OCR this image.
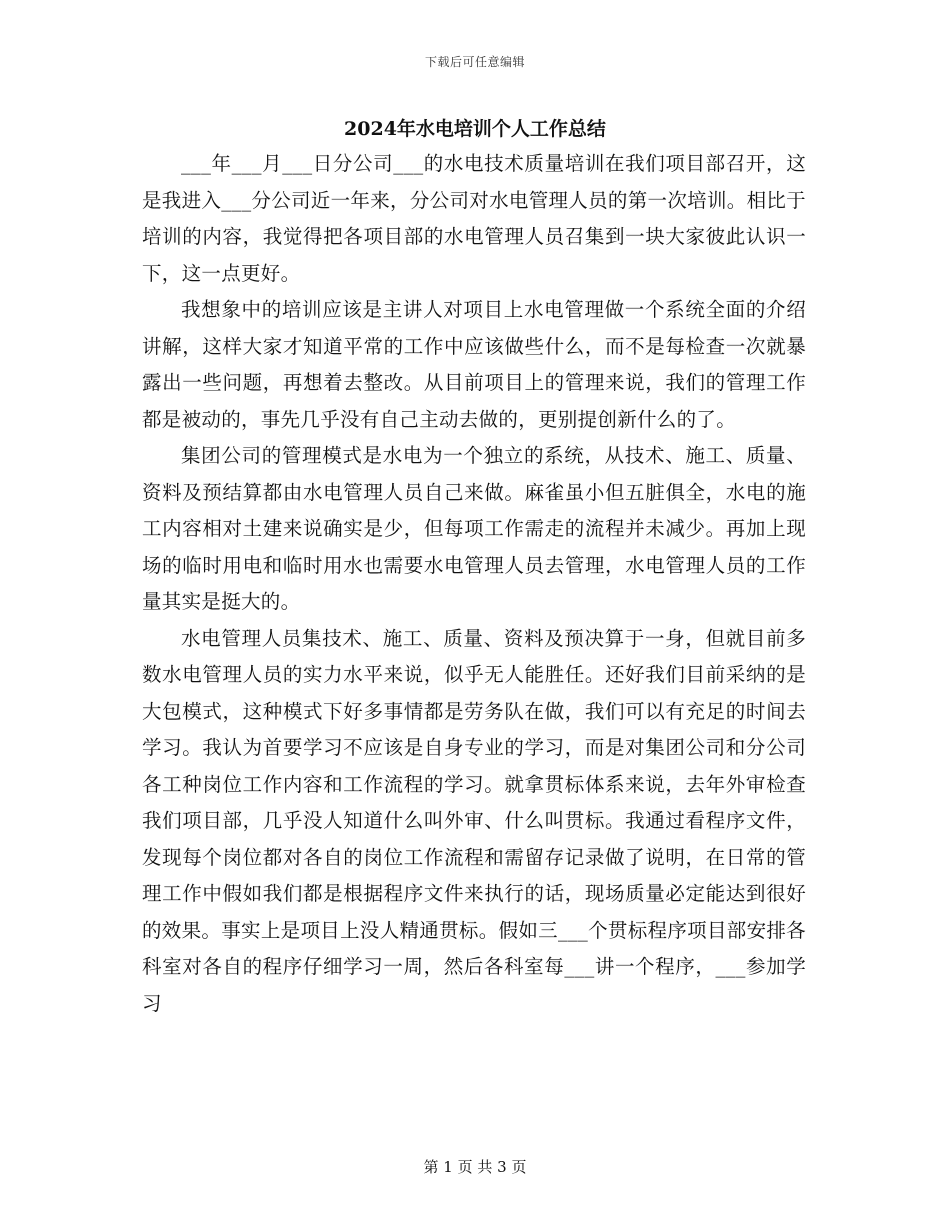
下载后可任意编辑
2024年水电培训个人工作总结

___年___月___日分公司___的水电技术质量培训在我们项目部召开，这是我进入___分公司近一年来，分公司对水电管理人员的第一次培训。相比于培训的内容，我觉得把各项目部的水电管理人员召集到一块大家彼此认识一下，这一点更好。

我想象中的培训应该是主讲人对项目上水电管理做一个系统全面的介绍讲解，这样大家才知道平常的工作中应该做些什么，而不是每检查一次就暴露出一些问题，再想着去整改。从目前项目上的管理来说，我们的管理工作都是被动的，事先几乎没有自己主动去做的，更别提创新什么的了。

集团公司的管理模式是水电为一个独立的系统，从技术、施工、质量、资料及预结算都由水电管理人员自己来做。麻雀虽小但五脏俱全，水电的施工内容相对土建来说确实是少，但每项工作需走的流程并未减少。再加上现场的临时用电和临时用水也需要水电管理人员去管理，水电管理人员的工作量其实是挺大的。

水电管理人员集技术、施工、质量、资料及预决算于一身，但就目前多数水电管理人员的实力水平来说，似乎无人能胜任。还好我们目前采纳的是大包模式，这种模式下好多事情都是劳务队在做，我们可以有充足的时间去学习。我认为首要学习不应该是自身专业的学习，而是对集团公司和分公司各工种岗位工作内容和工作流程的学习。就拿贯标体系来说，去年外审检查我们项目部，几乎没人知道什么叫外审、什么叫贯标。我通过看程序文件，发现每个岗位都对各自的岗位工作流程和需留存记录做了说明，在日常的管理工作中假如我们都是根据程序文件来执行的话，现场质量必定能达到很好的效果。事实上是项目上没人精通贯标。假如三___个贯标程序项目部安排各科室对各自的程序仔细学习一周，然后各科室每___讲一个程序，___参加学习

第 1 页 共 3 页
